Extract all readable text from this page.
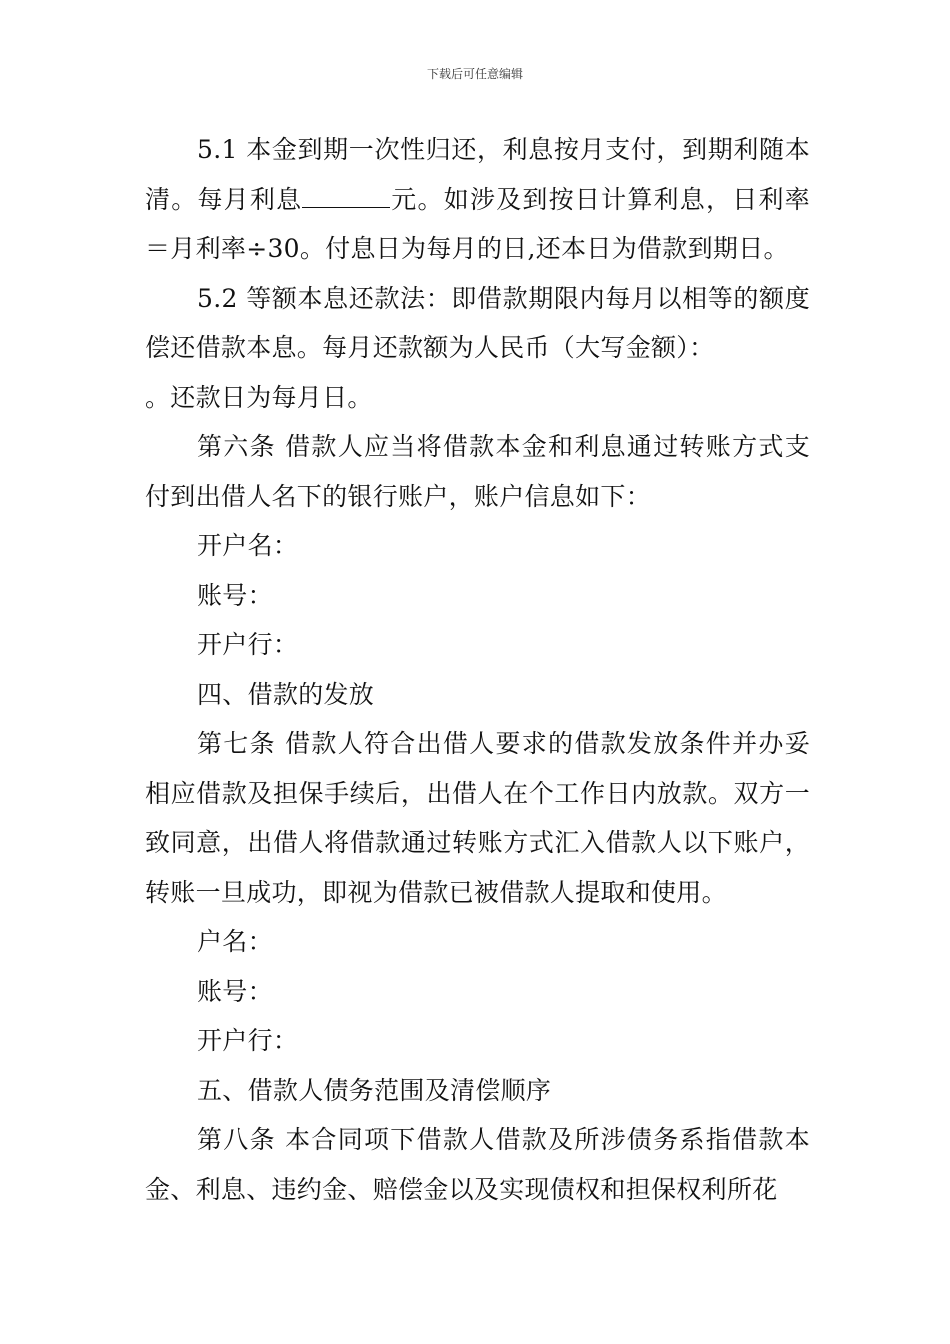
下载后可任意编辑

5.1 本金到期一次性归还，利息按月支付，到期利随本清。每月利息	元。如涉及到按日计算利息，日利率＝月利率÷30。付息日为每月的日,还本日为借款到期日。

5.2 等额本息还款法：即借款期限内每月以相等的额度偿还借款本息。每月还款额为人民币（大写金额）：

。还款日为每月日。

第六条 借款人应当将借款本金和利息通过转账方式支付到出借人名下的银行账户，账户信息如下：

开户名：

账号：

开户行：

四、借款的发放

第七条 借款人符合出借人要求的借款发放条件并办妥相应借款及担保手续后，出借人在个工作日内放款。双方一致同意，出借人将借款通过转账方式汇入借款人以下账户，转账一旦成功，即视为借款已被借款人提取和使用。

户名：

账号：

开户行：

五、借款人债务范围及清偿顺序

第八条 本合同项下借款人借款及所涉债务系指借款本金、利息、违约金、赔偿金以及实现债权和担保权利所花
